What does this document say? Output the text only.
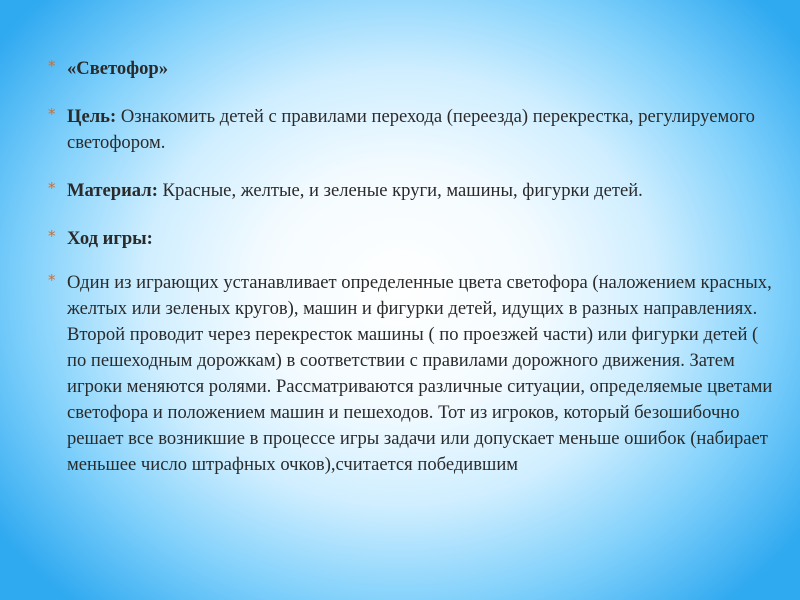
* «Светофор»
* Цель: Ознакомить детей с правилами перехода (переезда) перекрестка, регулируемого светофором.
* Материал: Красные, желтые, и зеленые круги, машины, фигурки детей.
* Ход игры:
* Один из играющих устанавливает определенные цвета светофора (наложением красных, желтых или зеленых кругов), машин и фигурки детей, идущих в разных направлениях. Второй проводит через перекресток машины ( по проезжей части) или фигурки детей ( по пешеходным дорожкам) в соответствии с правилами дорожного движения. Затем игроки меняются ролями. Рассматриваются различные ситуации, определяемые цветами светофора и положением машин и пешеходов. Тот из игроков, который безошибочно решает все возникшие в процессе игры задачи или допускает меньше ошибок (набирает меньшее число штрафных очков),считается победившим
